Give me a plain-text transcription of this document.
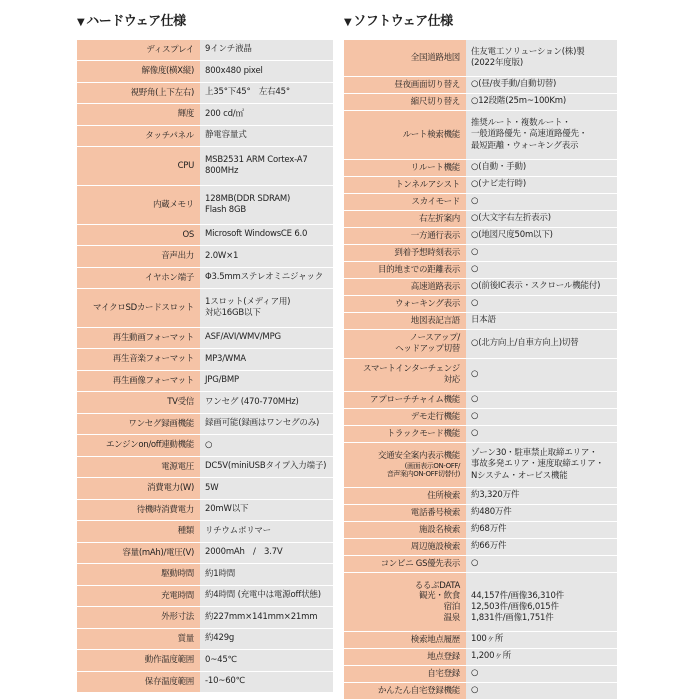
▼ ハードウェア仕様
ディスプレイ 9インチ液晶
解像度(横X縦) 800x480 pixel
視野角(上下左右) 上35°下45°　左右45°
輝度 200 cd/㎡
タッチパネル 静電容量式
CPU
MSB2531 ARM Cortex-A7
800MHz
内蔵メモリ
128MB(DDR SDRAM)
Flash 8GB
OS Microsoft WindowsCE 6.0
音声出力 2.0W×1
イヤホン端子 Φ3.5mmステレオミニジャック
マイクロSDカードスロット
1スロット(メディア用)
対応16GB以下
再生動画フォーマット ASF/AVI/WMV/MPG
再生音楽フォーマット MP3/WMA
再生画像フォーマット JPG/BMP
TV受信 ワンセグ (470-770MHz)
ワンセグ録画機能 録画可能(録画はワンセグのみ)
エンジンon/off連動機能 ○
電源電圧 DC5V(miniUSBタイプ入力端子)
消費電力(W) 5W
待機時消費電力 20mW以下
種類 リチウムポリマー
容量(mAh)/電圧(V) 2000mAh　/　3.7V
駆動時間 約1時間
充電時間 約4時間 (充電中は電源off状態)
外形寸法 約227mm×141mm×21mm
質量 約429g
動作温度範囲 0~45℃
保存温度範囲 -10~60℃
▼ ソフトウェア仕様
全国道路地図
住友電工ソリューション(株)製
(2022年度版)
昼夜画面切り替え ○(昼/夜手動/自動切替)
縮尺切り替え ○12段階(25m~100Km)
ルート検索機能
推奨ルート・複数ルート・
一般道路優先・高速道路優先・
最短距離・ウォーキング表示
リルート機能 ○(自動・手動)
トンネルアシスト ○(ナビ走行時)
スカイモード ○
右左折案内 ○(大文字右左折表示)
一方通行表示 ○(地図尺度50m以下)
到着予想時刻表示 ○
目的地までの距離表示 ○
高速道路表示 ○(前後IC表示・スクロール機能付)
ウォーキング表示 ○
地図表記言語 日本語
ノースアップ/
ヘッドアップ切替
○(北方向上/自車方向上)切替
スマートインターチェンジ
対応
○
アプローチチャイム機能 ○
デモ走行機能 ○
トラックモード機能 ○
交通安全案内表示機能
(画面表示ON-OFF/
音声案内ON-OFF切替付)
ゾーン30・駐車禁止取締エリア・
事故多発エリア・速度取締エリア・
Nシステム・オービス機能
住所検索 約3,320万件
電話番号検索 約480万件
施設名検索 約68万件
周辺施設検索 約66万件
コンビニ GS優先表示 ○
るるぶDATA
観光・飲食
宿泊
温泉

44,157件/画像36,310件
12,503件/画像6,015件
1,831件/画像1,751件
検索地点履歴 100ヶ所
地点登録 1,200ヶ所
自宅登録 ○
かんたん自宅登録機能 ○
